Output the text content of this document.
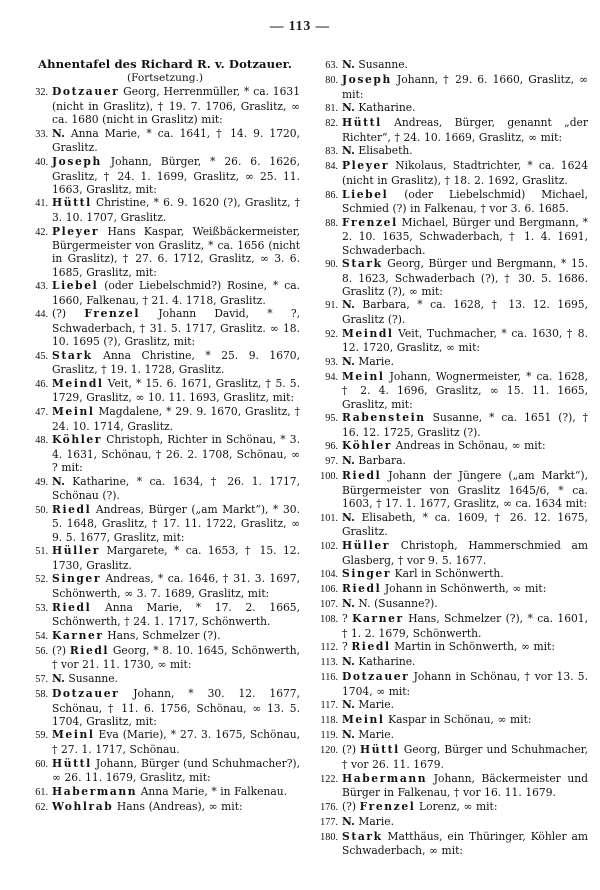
— 113 —
Ahnentafel des Richard R. v. Dotzauer.
(Fortsetzung.)

32. Dotzauer Georg, Herrenmüller, * ca. 1631 (nicht in Graslitz), † 19. 7. 1706, Graslitz, ∞ ca. 1680 (nicht in Graslitz) mit:

33. N. Anna Marie, * ca. 1641, † 14. 9. 1720, Graslitz.

40. Joseph Johann, Bürger, * 26. 6. 1626, Graslitz, † 24. 1. 1699, Graslitz, ∞ 25. 11. 1663, Graslitz, mit:

41. Hüttl Christine, * 6. 9. 1620 (?), Graslitz, † 3. 10. 1707, Graslitz.

42. Pleyer Hans Kaspar, Weißbäckermeister, Bürgermeister von Graslitz, * ca. 1656 (nicht in Graslitz), † 27. 6. 1712, Graslitz, ∞ 3. 6. 1685, Graslitz, mit:

43. Liebel (oder Liebelschmid?) Rosine, * ca. 1660, Falkenau, † 21. 4. 1718, Graslitz.

44. (?) Frenzel Johann David, * ?, Schwaderbach, † 31. 5. 1717, Graslitz. ∞ 18. 10. 1695 (?), Graslitz, mit:

45. Stark Anna Christine, * 25. 9. 1670, Graslitz, † 19. 1. 1728, Graslitz.

46. Meindl Veit, * 15. 6. 1671, Graslitz, † 5. 5. 1729, Graslitz, ∞ 10. 11. 1693, Graslitz, mit:

47. Meinl Magdalene, * 29. 9. 1670, Graslitz, † 24. 10. 1714, Graslitz.

48. Köhler Christoph, Richter in Schönau, * 3. 4. 1631, Schönau, † 26. 2. 1708, Schönau, ∞ ? mit:

49. N. Katharine, * ca. 1634, † 26. 1. 1717, Schönau (?).

50. Riedl Andreas, Bürger („am Markt“), * 30. 5. 1648, Graslitz, † 17. 11. 1722, Graslitz, ∞ 9. 5. 1677, Graslitz, mit:

51. Hüller Margarete, * ca. 1653, † 15. 12. 1730, Graslitz.

52. Singer Andreas, * ca. 1646, † 31. 3. 1697, Schönwerth, ∞ 3. 7. 1689, Graslitz, mit:

53. Riedl Anna Marie, * 17. 2. 1665, Schönwerth, † 24. 1. 1717, Schönwerth.

54. Karner Hans, Schmelzer (?).

56. (?) Riedl Georg, * 8. 10. 1645, Schönwerth, † vor 21. 11. 1730, ∞ mit:

57. N. Susanne.

58. Dotzauer Johann, * 30. 12. 1677, Schönau, † 11. 6. 1756, Schönau, ∞ 13. 5. 1704, Graslitz, mit:

59. Meinl Eva (Marie), * 27. 3. 1675, Schönau, † 27. 1. 1717, Schönau.

60. Hüttl Johann, Bürger (und Schuhmacher?), ∞ 26. 11. 1679, Graslitz, mit:

61. Habermann Anna Marie, * in Falkenau.

62. Wohlrab Hans (Andreas), ∞ mit:

63. N. Susanne.

80. Joseph Johann, † 29. 6. 1660, Graslitz, ∞ mit:

81. N. Katharine.

82. Hüttl Andreas, Bürger, genannt „der Richter“, † 24. 10. 1669, Graslitz, ∞ mit:

83. N. Elisabeth.

84. Pleyer Nikolaus, Stadtrichter, * ca. 1624 (nicht in Graslitz), † 18. 2. 1692, Graslitz.

86. Liebel (oder Liebelschmid) Michael, Schmied (?) in Falkenau, † vor 3. 6. 1685.

88. Frenzel Michael, Bürger und Bergmann, * 2. 10. 1635, Schwaderbach, † 1. 4. 1691, Schwaderbach.

90. Stark Georg, Bürger und Bergmann, * 15. 8. 1623, Schwaderbach (?), † 30. 5. 1686. Graslitz (?), ∞ mit:

91. N. Barbara, * ca. 1628, † 13. 12. 1695, Graslitz (?).

92. Meindl Veit, Tuchmacher, * ca. 1630, † 8. 12. 1720, Graslitz, ∞ mit:

93. N. Marie.

94. Meinl Johann, Wognermeister, * ca. 1628, † 2. 4. 1696, Graslitz, ∞ 15. 11. 1665, Graslitz, mit:

95. Rabenstein Susanne, * ca. 1651 (?), † 16. 12. 1725, Graslitz (?).

96. Köhler Andreas in Schönau, ∞ mit:

97. N. Barbara.

100. Riedl Johann der Jüngere („am Markt“), Bürgermeister von Graslitz 1645/6, * ca. 1603, † 17. 1. 1677, Graslitz, ∞ ca. 1634 mit:

101. N. Elisabeth, * ca. 1609, † 26. 12. 1675, Graslitz.

102. Hüller Christoph, Hammerschmied am Glasberg, † vor 9. 5. 1677.

104. Singer Karl in Schönwerth.

106. Riedl Johann in Schönwerth, ∞ mit:

107. N. N. (Susanne?).

108. ? Karner Hans, Schmelzer (?), * ca. 1601, † 1. 2. 1679, Schönwerth.

112. ? Riedl Martin in Schönwerth, ∞ mit:

113. N. Katharine.

116. Dotzauer Johann in Schönau, † vor 13. 5. 1704, ∞ mit:

117. N. Marie.

118. Meinl Kaspar in Schönau, ∞ mit:

119. N. Marie.

120. (?) Hüttl Georg, Bürger und Schuhmacher, † vor 26. 11. 1679.

122. Habermann Johann, Bäckermeister und Bürger in Falkenau, † vor 16. 11. 1679.

176. (?) Frenzel Lorenz, ∞ mit:

177. N. Marie.

180. Stark Matthäus, ein Thüringer, Köhler am Schwaderbach, ∞ mit:
